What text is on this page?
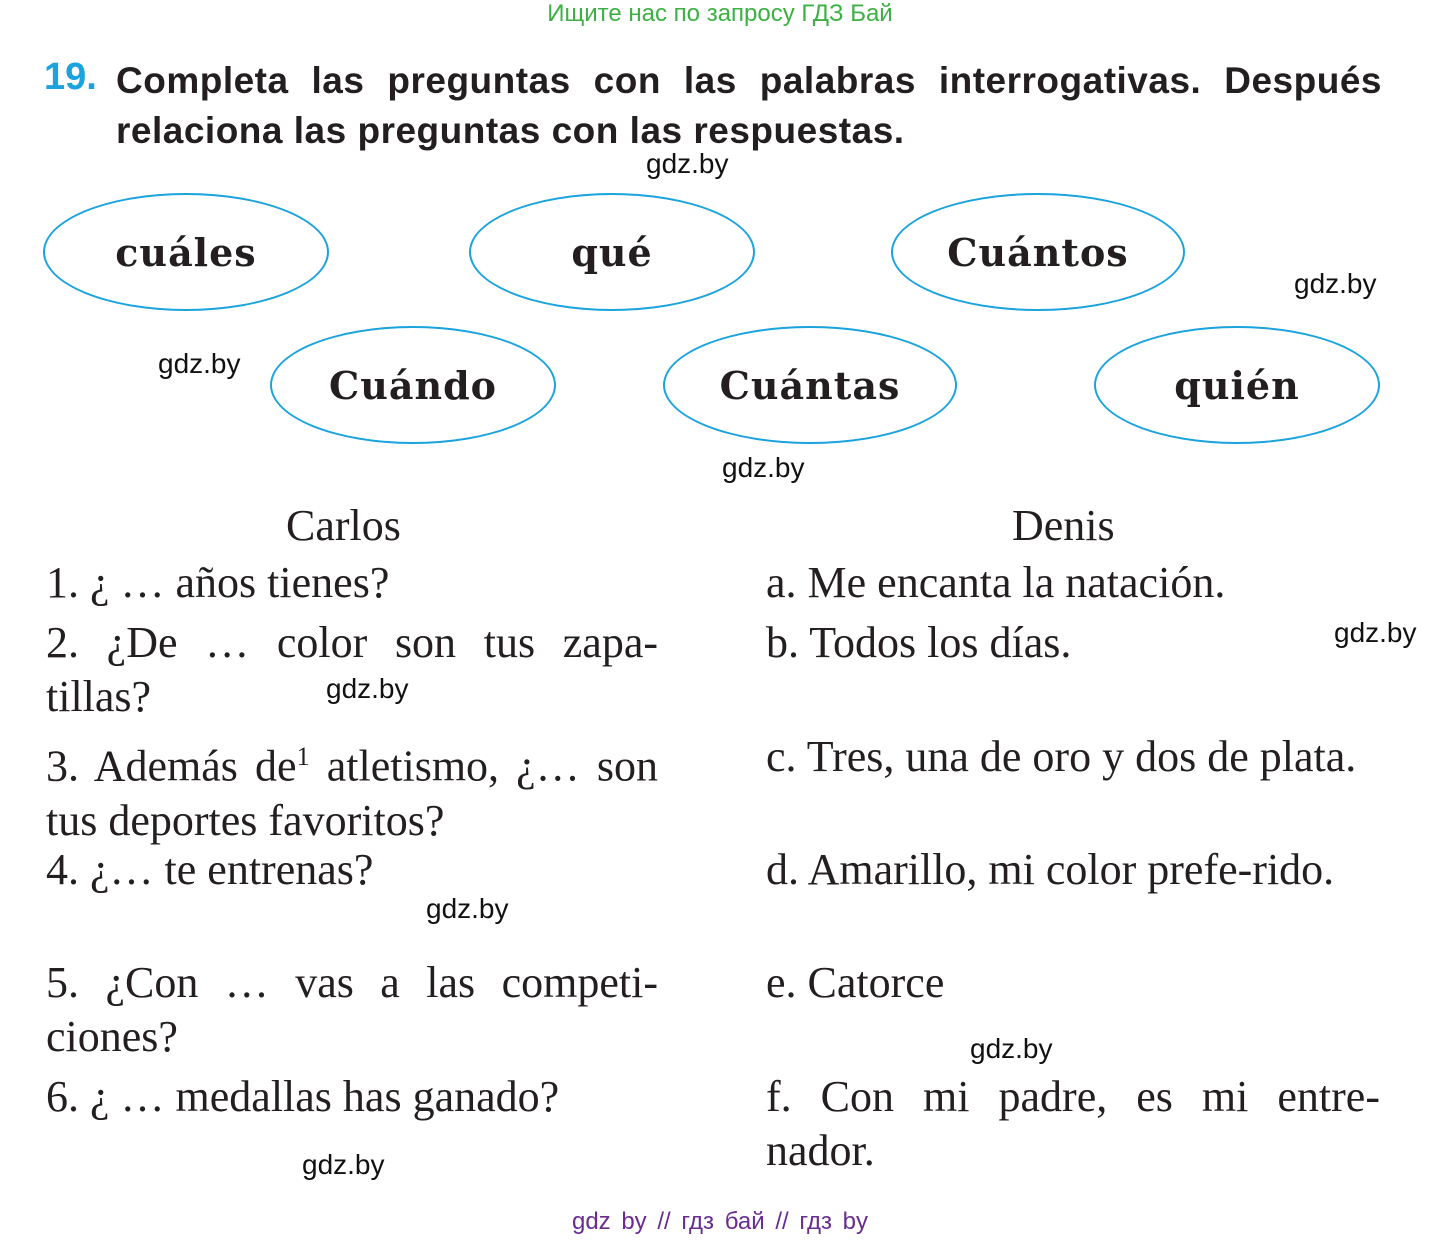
Ищите нас по запросу ГДЗ Бай
19. Completa las preguntas con las palabras interrogativas. Después relaciona las preguntas con las respuestas.
cuáles	qué	Cuántos
Cuándo	Cuántas	quién
gdz.by
gdz.by
gdz.by
gdz.by
gdz.by
gdz.by
gdz.by
gdz.by
gdz.by
Carlos	Denis
1. ¿ … años tienes?
2. ¿De … color son tus zapa-tillas?
3. Además $de^1$ atletismo, ¿… son tus deportes favoritos?
4. ¿… te entrenas?
5. ¿Con … vas a las competi-ciones?
6. ¿ … medallas has ganado?
a. Me encanta la natación.
b. Todos los días.
c. Tres, una de oro y dos de plata.
d. Amarillo, mi color prefe-rido.
e. Catorce
f. Con mi padre, es mi entre-nador.
gdz by // гдз бай // гдз by
